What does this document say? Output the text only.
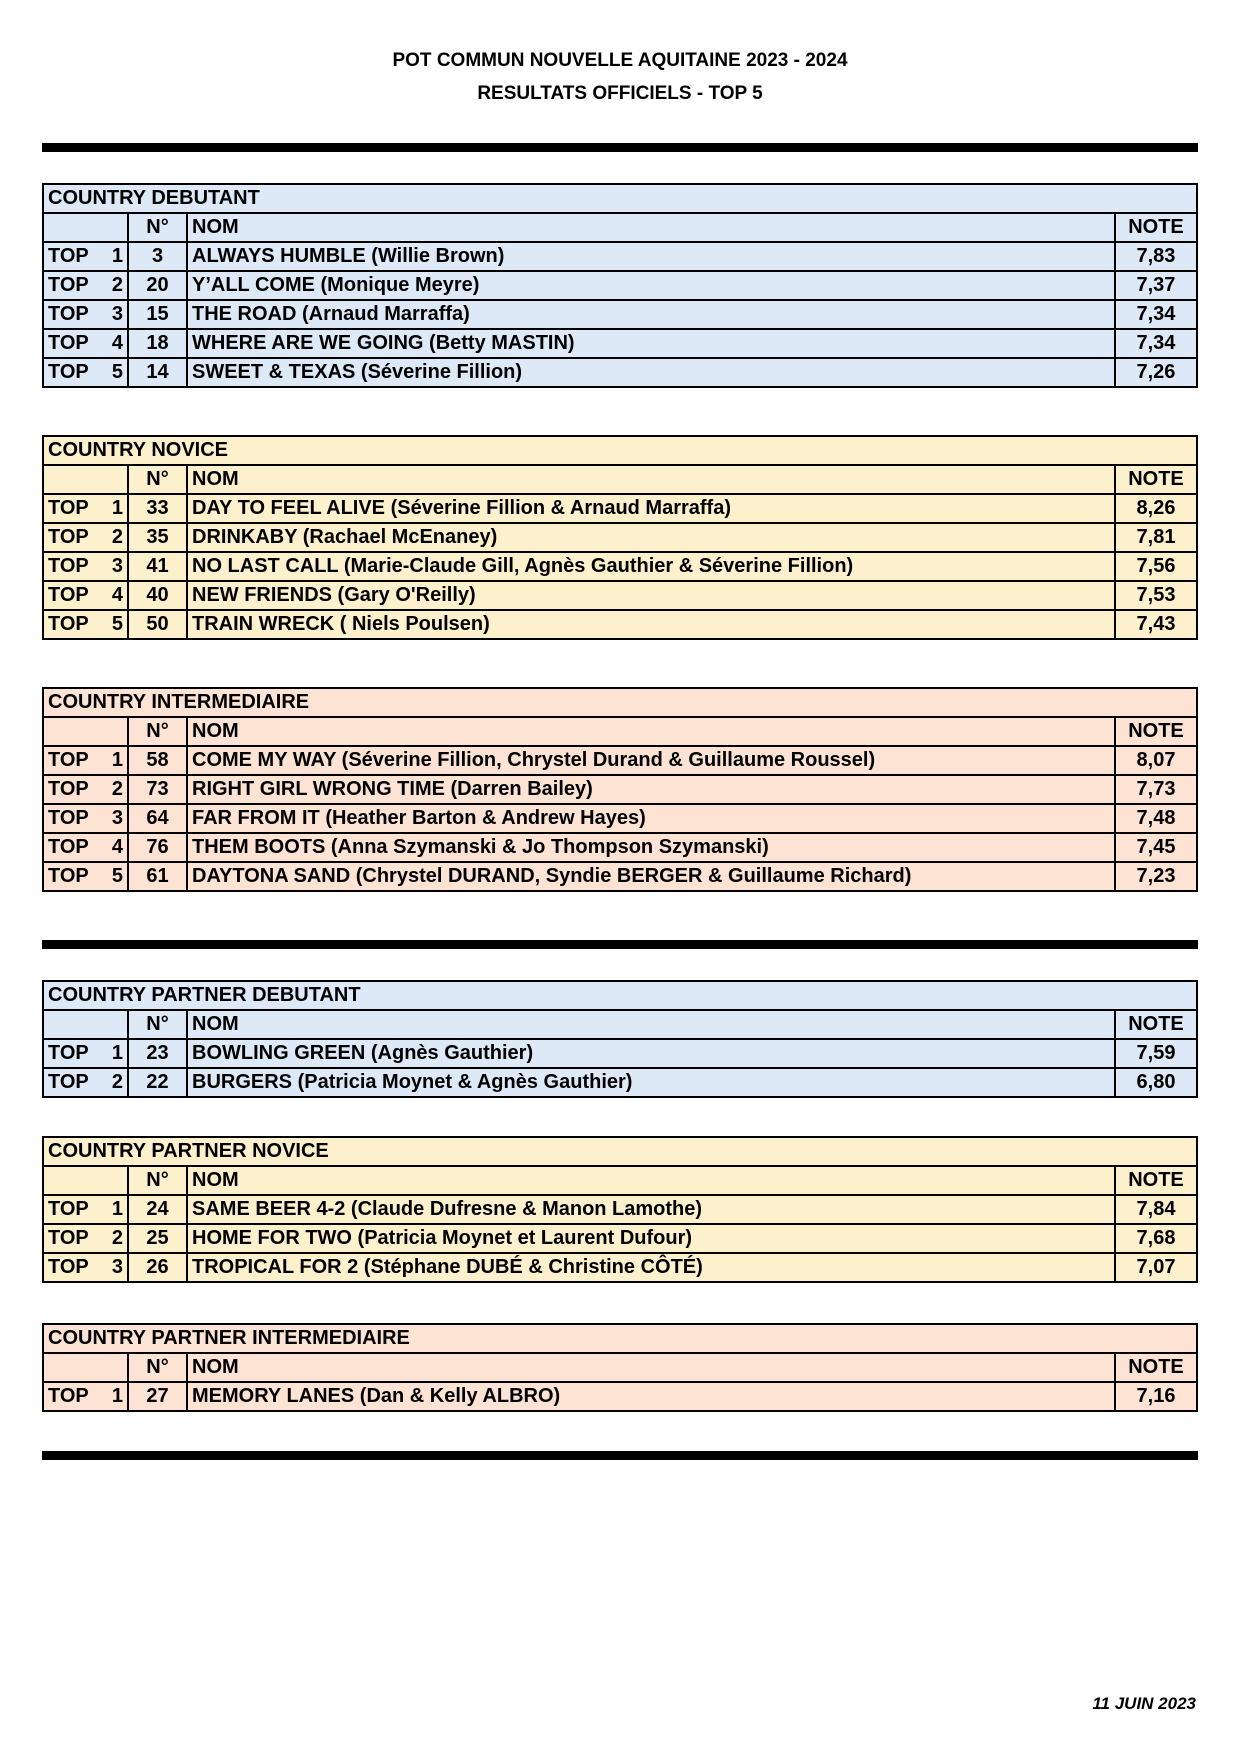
POT COMMUN NOUVELLE AQUITAINE 2023 - 2024
RESULTATS OFFICIELS - TOP 5
COUNTRY DEBUTANT			
	N°	NOM	NOTE

TOP 1	3	ALWAYS HUMBLE (Willie Brown)	7,83

TOP 2	20	Y’ALL COME (Monique Meyre)	7,37

TOP 3	15	THE ROAD (Arnaud Marraffa)	7,34

TOP 4	18	WHERE ARE WE GOING (Betty MASTIN)	7,34

TOP 5	14	SWEET & TEXAS (Séverine Fillion)	7,26
COUNTRY NOVICE			
	N°	NOM	NOTE

TOP 1	33	DAY TO FEEL ALIVE (Séverine Fillion & Arnaud Marraffa)	8,26

TOP 2	35	DRINKABY (Rachael McEnaney)	7,81

TOP 3	41	NO LAST CALL (Marie-Claude Gill, Agnès Gauthier & Séverine Fillion)	7,56

TOP 4	40	NEW FRIENDS (Gary O'Reilly)	7,53

TOP 5	50	TRAIN WRECK ( Niels Poulsen)	7,43
COUNTRY INTERMEDIAIRE			
	N°	NOM	NOTE

TOP 1	58	COME MY WAY (Séverine Fillion, Chrystel Durand & Guillaume Roussel)	8,07

TOP 2	73	RIGHT GIRL WRONG TIME (Darren Bailey)	7,73

TOP 3	64	FAR FROM IT (Heather Barton & Andrew Hayes)	7,48

TOP 4	76	THEM BOOTS (Anna Szymanski & Jo Thompson Szymanski)	7,45

TOP 5	61	DAYTONA SAND (Chrystel DURAND, Syndie BERGER & Guillaume Richard)	7,23
COUNTRY PARTNER DEBUTANT			
	N°	NOM	NOTE

TOP 1	23	BOWLING GREEN (Agnès Gauthier)	7,59

TOP 2	22	BURGERS (Patricia Moynet & Agnès Gauthier)	6,80
COUNTRY PARTNER NOVICE			
	N°	NOM	NOTE

TOP 1	24	SAME BEER 4-2 (Claude Dufresne & Manon Lamothe)	7,84

TOP 2	25	HOME FOR TWO (Patricia Moynet et Laurent Dufour)	7,68

TOP 3	26	TROPICAL FOR 2 (Stéphane DUBÉ & Christine CÔTÉ)	7,07
COUNTRY PARTNER INTERMEDIAIRE			
	N°	NOM	NOTE

TOP 1	27	MEMORY LANES (Dan & Kelly ALBRO)	7,16
11 JUIN 2023
